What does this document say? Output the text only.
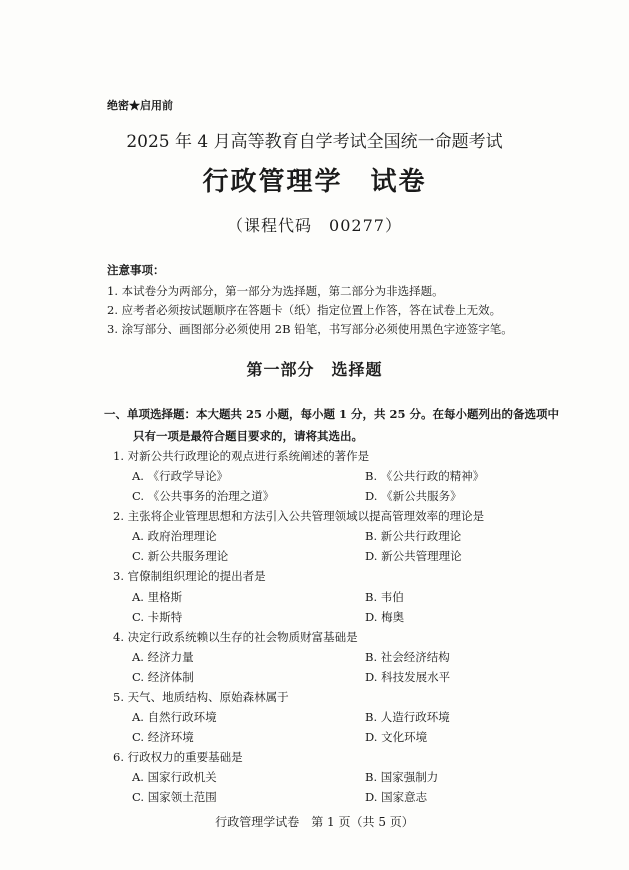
绝密★启用前
2025 年 4 月高等教育自学考试全国统一命题考试
行政管理学　试卷
（课程代码　00277）
注意事项：
1. 本试卷分为两部分，第一部分为选择题，第二部分为非选择题。
2. 应考者必须按试题顺序在答题卡（纸）指定位置上作答，答在试卷上无效。
3. 涂写部分、画图部分必须使用 2B 铅笔，书写部分必须使用黑色字迹签字笔。
第一部分　选择题
一、单项选择题：本大题共 25 小题，每小题 1 分，共 25 分。在每小题列出的备选项中
只有一项是最符合题目要求的，请将其选出。
1. 对新公共行政理论的观点进行系统阐述的著作是
A. 《行政学导论》	B. 《公共行政的精神》
C. 《公共事务的治理之道》	D. 《新公共服务》
2. 主张将企业管理思想和方法引入公共管理领域以提高管理效率的理论是
A. 政府治理理论	B. 新公共行政理论
C. 新公共服务理论	D. 新公共管理理论
3. 官僚制组织理论的提出者是
A. 里格斯	B. 韦伯
C. 卡斯特	D. 梅奥
4. 决定行政系统赖以生存的社会物质财富基础是
A. 经济力量	B. 社会经济结构
C. 经济体制	D. 科技发展水平
5. 天气、地质结构、原始森林属于
A. 自然行政环境	B. 人造行政环境
C. 经济环境	D. 文化环境
6. 行政权力的重要基础是
A. 国家行政机关	B. 国家强制力
C. 国家领土范围	D. 国家意志
行政管理学试卷　第 1 页（共 5 页）
